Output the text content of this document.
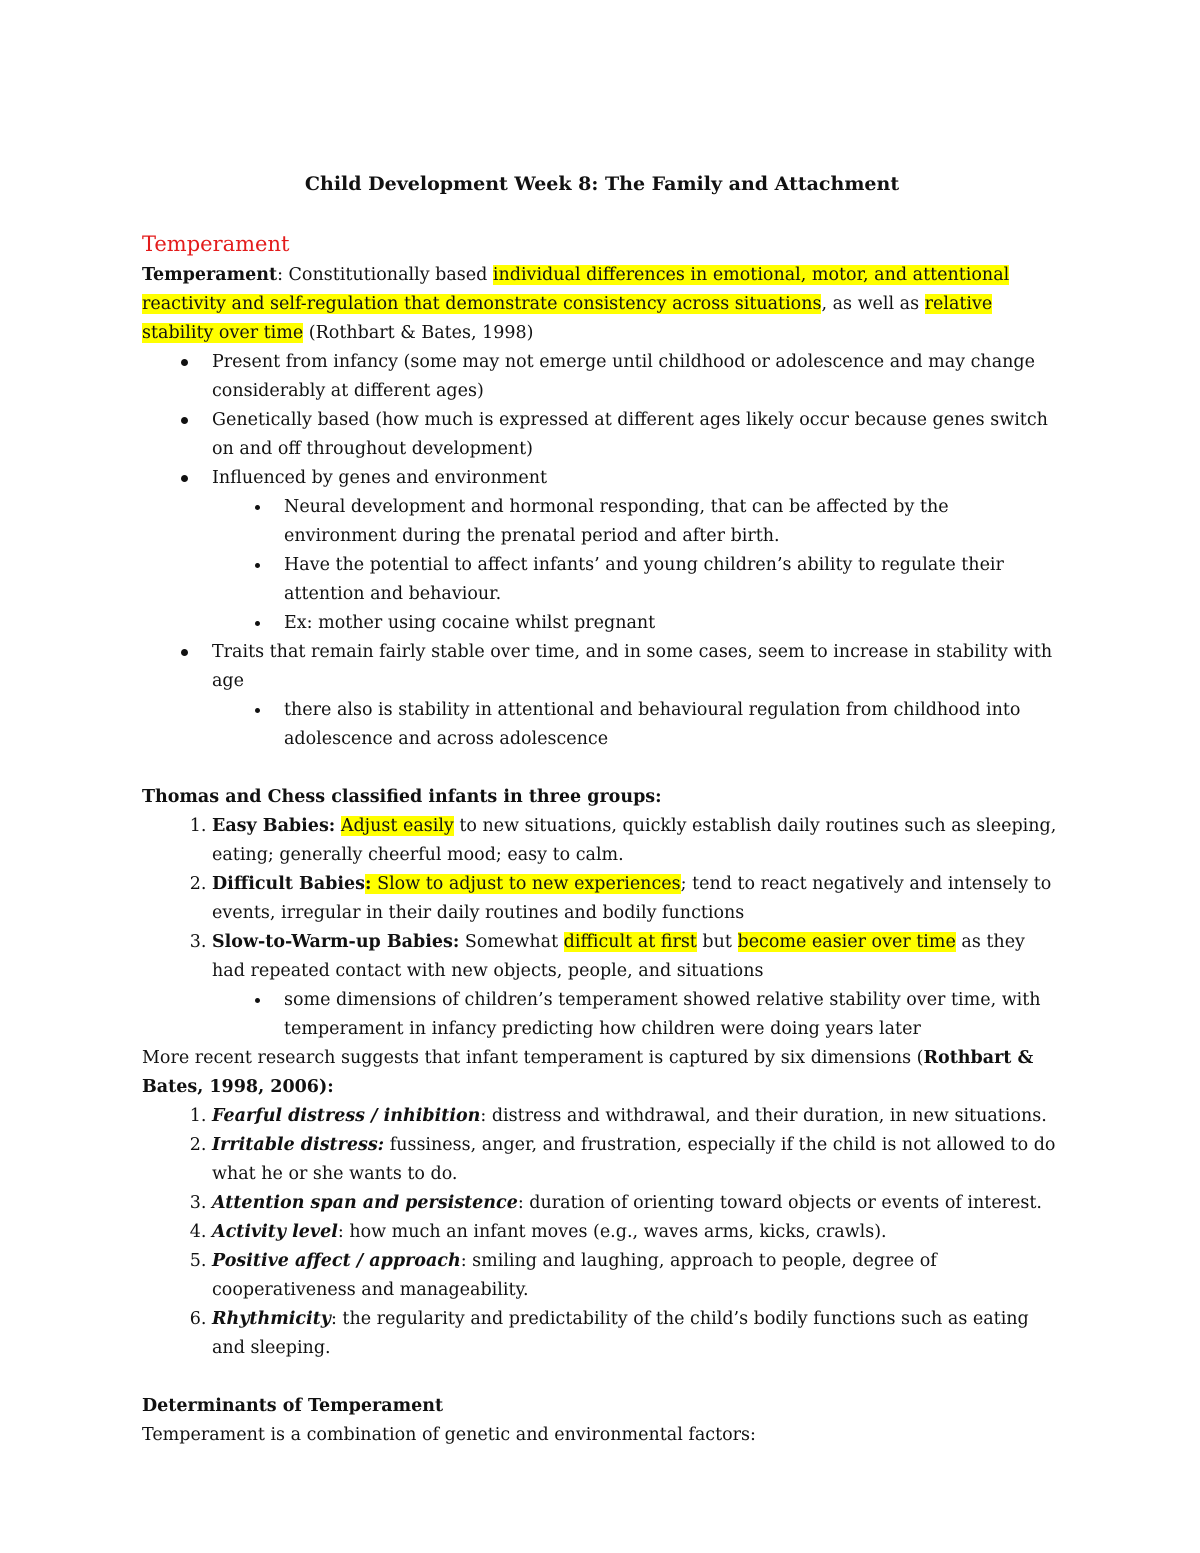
Child Development Week 8: The Family and Attachment
Temperament

Temperament: Constitutionally based individual differences in emotional, motor, and attentional reactivity and self-regulation that demonstrate consistency across situations, as well as relative stability over time (Rothbart & Bates, 1998)

Present from infancy (some may not emerge until childhood or adolescence and may change considerably at different ages)
Genetically based (how much is expressed at different ages likely occur because genes switch on and off throughout development)
Influenced by genes and environment
Neural development and hormonal responding, that can be affected by the environment during the prenatal period and after birth.
Have the potential to affect infants’ and young children’s ability to regulate their attention and behaviour.
Ex: mother using cocaine whilst pregnant
Traits that remain fairly stable over time, and in some cases, seem to increase in stability with age
there also is stability in attentional and behavioural regulation from childhood into adolescence and across adolescence

Thomas and Chess classified infants in three groups:

1. Easy Babies: Adjust easily to new situations, quickly establish daily routines such as sleeping, eating; generally cheerful mood; easy to calm.
2. Difficult Babies: Slow to adjust to new experiences; tend to react negatively and intensely to events, irregular in their daily routines and bodily functions
3. Slow-to-Warm-up Babies: Somewhat difficult at first but become easier over time as they had repeated contact with new objects, people, and situations
some dimensions of children’s temperament showed relative stability over time, with temperament in infancy predicting how children were doing years later

More recent research suggests that infant temperament is captured by six dimensions (Rothbart & Bates, 1998, 2006):

1. Fearful distress / inhibition: distress and withdrawal, and their duration, in new situations.
2. Irritable distress: fussiness, anger, and frustration, especially if the child is not allowed to do what he or she wants to do.
3. Attention span and persistence: duration of orienting toward objects or events of interest.
4. Activity level: how much an infant moves (e.g., waves arms, kicks, crawls).
5. Positive affect / approach: smiling and laughing, approach to people, degree of cooperativeness and manageability.
6. Rhythmicity: the regularity and predictability of the child’s bodily functions such as eating and sleeping.

Determinants of Temperament

Temperament is a combination of genetic and environmental factors:
